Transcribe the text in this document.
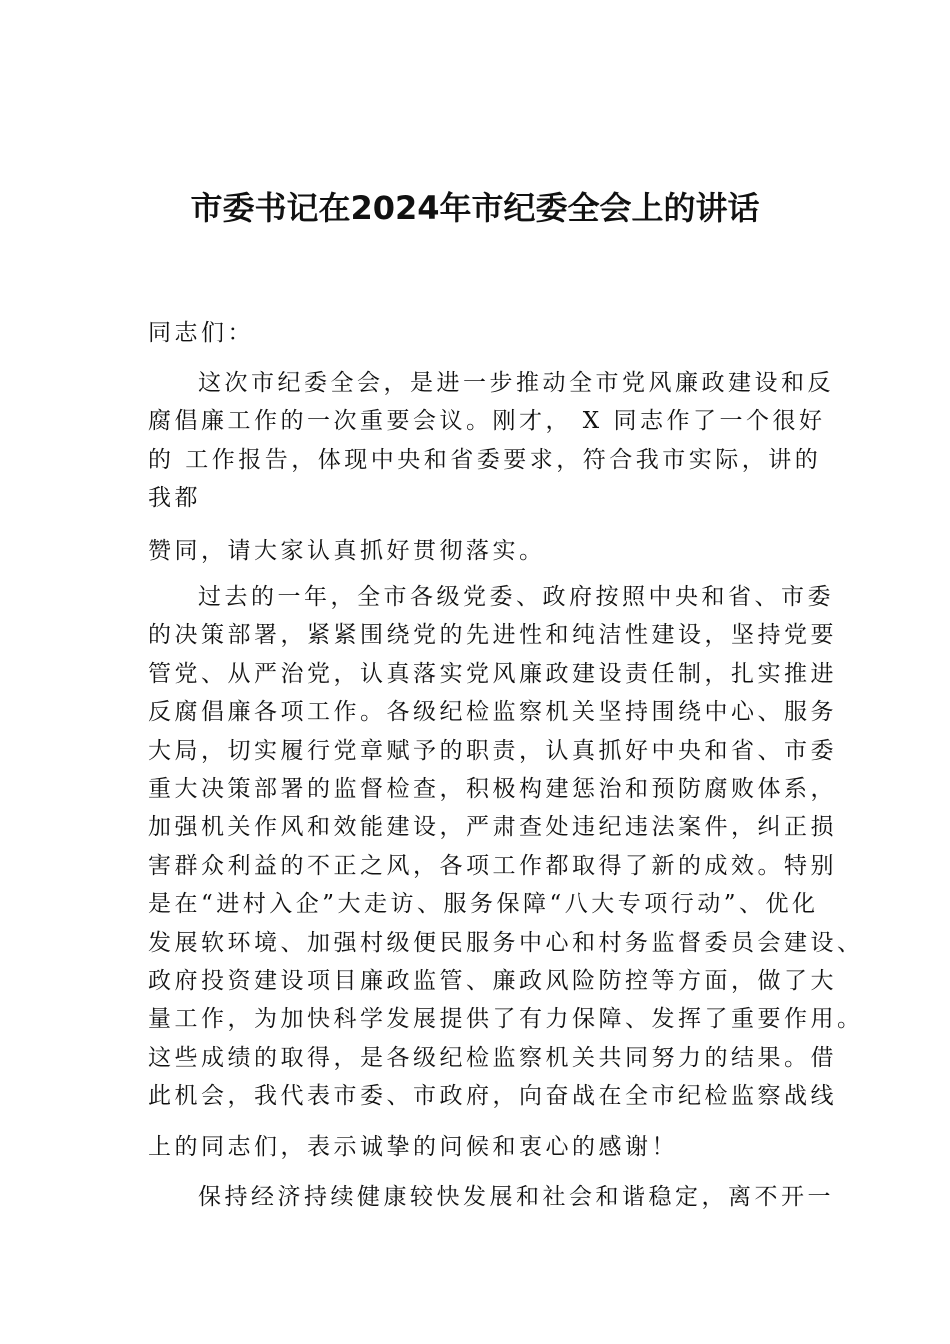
市委书记在2024年市纪委全会上的讲话

同志们：

这次市纪委全会，是进一步推动全市党风廉政建设和反
腐倡廉工作的一次重要会议。刚才， X 同志作了一个很好
的 工作报告，体现中央和省委要求，符合我市实际，讲的
我都

赞同，请大家认真抓好贯彻落实。

过去的一年，全市各级党委、政府按照中央和省、市委
的决策部署，紧紧围绕党的先进性和纯洁性建设，坚持党要
管党、从严治党，认真落实党风廉政建设责任制，扎实推进
反腐倡廉各项工作。各级纪检监察机关坚持围绕中心、服务
大局，切实履行党章赋予的职责，认真抓好中央和省、市委
重大决策部署的监督检查，积极构建惩治和预防腐败体系，
加强机关作风和效能建设，严肃查处违纪违法案件，纠正损
害群众利益的不正之风，各项工作都取得了新的成效。特别
是在“进村入企”大走访、服务保障“八大专项行动”、优化
发展软环境、加强村级便民服务中心和村务监督委员会建设、
政府投资建设项目廉政监管、廉政风险防控等方面，做了大
量工作，为加快科学发展提供了有力保障、发挥了重要作用。
这些成绩的取得，是各级纪检监察机关共同努力的结果。借
此机会，我代表市委、市政府，向奋战在全市纪检监察战线

上的同志们，表示诚挚的问候和衷心的感谢！

保持经济持续健康较快发展和社会和谐稳定，离不开一
